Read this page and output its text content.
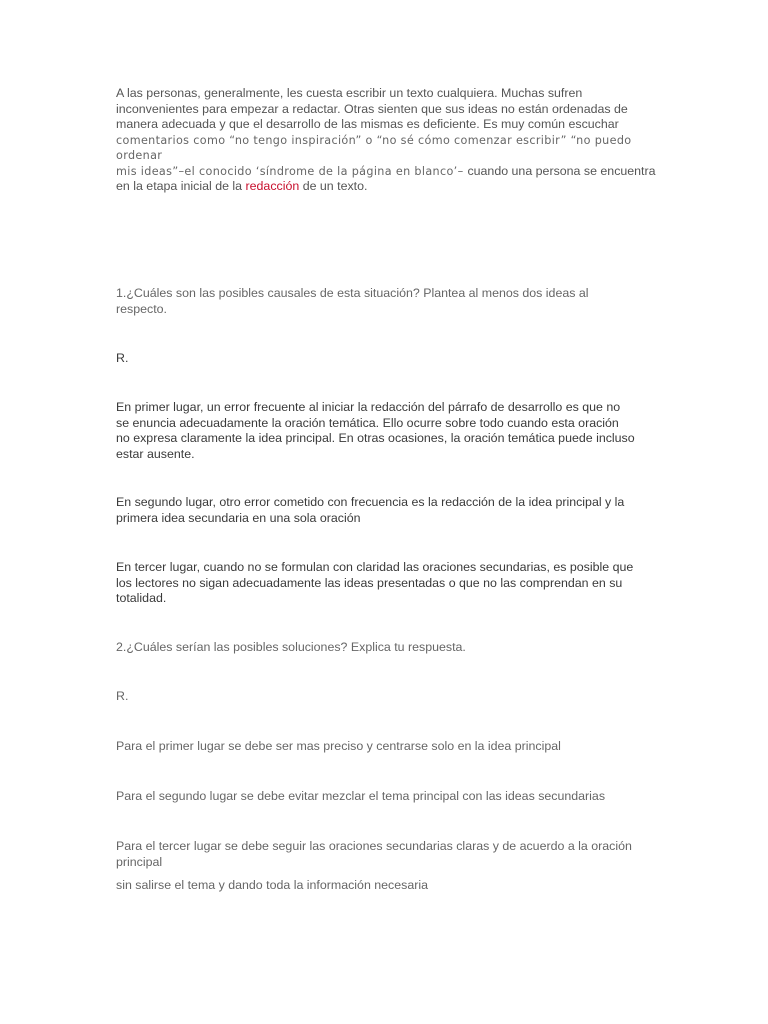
A las personas, generalmente, les cuesta escribir un texto cualquiera. Muchas sufren
inconvenientes para empezar a redactar. Otras sienten que sus ideas no están ordenadas de
manera adecuada y que el desarrollo de las mismas es deficiente. Es muy común escuchar
comentarios como “no tengo inspiración” o “no sé cómo comenzar escribir” “no puedo ordenar
mis ideas”–el conocido ‘síndrome de la página en blanco’– cuando una persona se encuentra
en la etapa inicial de la redacción de un texto.
1.¿Cuáles son las posibles causales de esta situación? Plantea al menos dos ideas al
respecto.
R.
En primer lugar, un error frecuente al iniciar la redacción del párrafo de desarrollo es que no
se enuncia adecuadamente la oración temática. Ello ocurre sobre todo cuando esta oración
no expresa claramente la idea principal. En otras ocasiones, la oración temática puede incluso
estar ausente.
En segundo lugar, otro error cometido con frecuencia es la redacción de la idea principal y la
primera idea secundaria en una sola oración
En tercer lugar, cuando no se formulan con claridad las oraciones secundarias, es posible que
los lectores no sigan adecuadamente las ideas presentadas o que no las comprendan en su
totalidad.
2.¿Cuáles serían las posibles soluciones? Explica tu respuesta.
R.
Para el primer lugar se debe ser mas preciso y centrarse solo en la idea principal
Para el segundo lugar se debe evitar mezclar el tema principal con las ideas secundarias
Para el tercer lugar se debe seguir las oraciones secundarias claras y de acuerdo a la oración
principal
sin salirse el tema y dando toda la información necesaria
